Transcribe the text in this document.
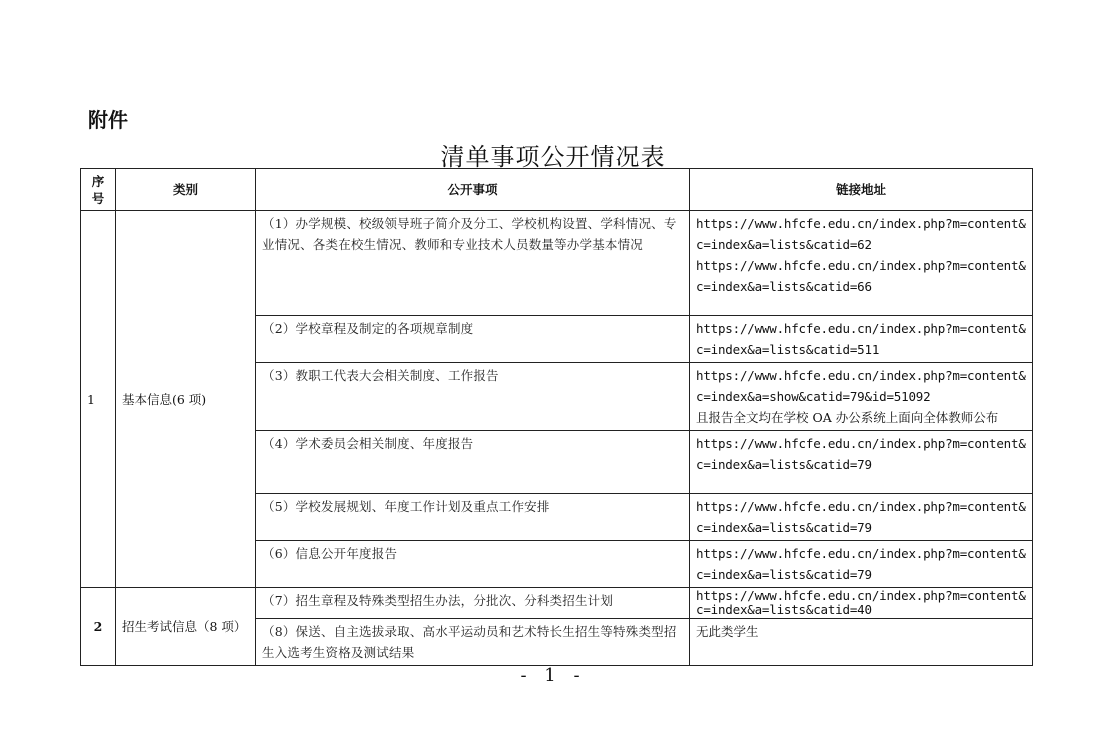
附件
清单事项公开情况表
序号	类别	公开事项	链接地址
1	基本信息(6 项)	（1）办学规模、校级领导班子简介及分工、学校机构设置、学科情况、专业情况、各类在校生情况、教师和专业技术人员数量等办学基本情况	https://www.hfcfe.edu.cn/index.php?m=content&c=index&a=lists&catid=62
https://www.hfcfe.edu.cn/index.php?m=content&c=index&a=lists&catid=66

		（2）学校章程及制定的各项规章制度	https://www.hfcfe.edu.cn/index.php?m=content&c=index&a=lists&catid=511

		（3）教职工代表大会相关制度、工作报告	https://www.hfcfe.edu.cn/index.php?m=content&c=index&a=show&catid=79&id=51092
且报告全文均在学校 OA 办公系统上面向全体教师公布

		（4）学术委员会相关制度、年度报告	https://www.hfcfe.edu.cn/index.php?m=content&c=index&a=lists&catid=79

		（5）学校发展规划、年度工作计划及重点工作安排	https://www.hfcfe.edu.cn/index.php?m=content&c=index&a=lists&catid=79

		（6）信息公开年度报告	https://www.hfcfe.edu.cn/index.php?m=content&c=index&a=lists&catid=79

2	招生考试信息（8 项）	（7）招生章程及特殊类型招生办法，分批次、分科类招生计划	https://www.hfcfe.edu.cn/index.php?m=content&c=index&a=lists&catid=40

		（8）保送、自主选拔录取、高水平运动员和艺术特长生招生等特殊类型招生入选考生资格及测试结果	无此类学生
- 1 -
